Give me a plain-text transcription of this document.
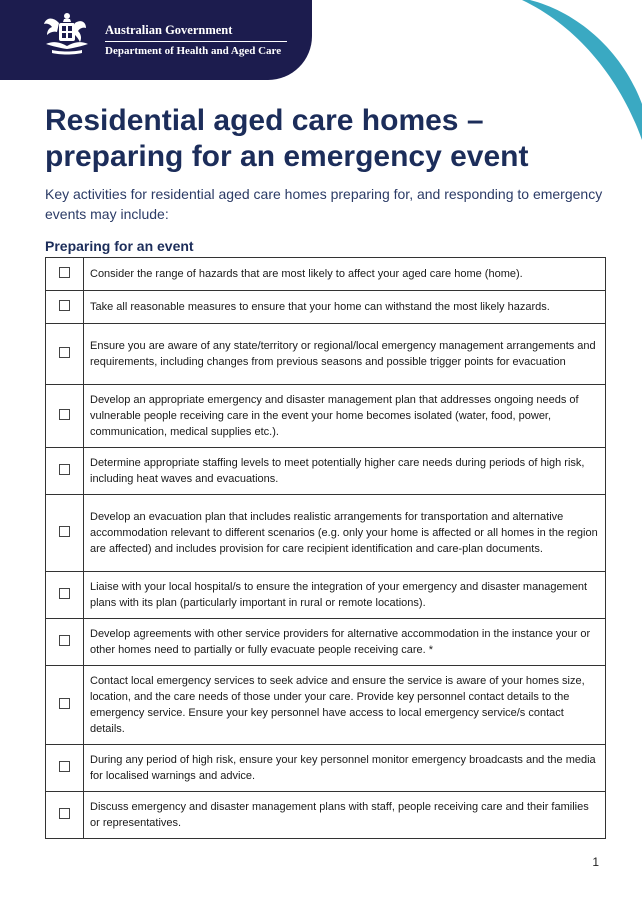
Australian Government
Department of Health and Aged Care
Residential aged care homes –
preparing for an emergency event

Key activities for residential aged care homes preparing for, and responding to emergency events may include:

Preparing for an event
	Consider the range of hazards that are most likely to affect your aged care home (home).
	Take all reasonable measures to ensure that your home can withstand the most likely hazards.
	Ensure you are aware of any state/territory or regional/local emergency management arrangements and requirements, including changes from previous seasons and possible trigger points for evacuation
	Develop an appropriate emergency and disaster management plan that addresses ongoing needs of vulnerable people receiving care in the event your home becomes isolated (water, food, power, communication, medical supplies etc.).
	Determine appropriate staffing levels to meet potentially higher care needs during periods of high risk, including heat waves and evacuations.
	Develop an evacuation plan that includes realistic arrangements for transportation and alternative accommodation relevant to different scenarios (e.g. only your home is affected or all homes in the region are affected) and includes provision for care recipient identification and care-plan documents.
	Liaise with your local hospital/s to ensure the integration of your emergency and disaster management plans with its plan (particularly important in rural or remote locations).
	Develop agreements with other service providers for alternative accommodation in the instance your or other homes need to partially or fully evacuate people receiving care. *
	Contact local emergency services to seek advice and ensure the service is aware of your homes size, location, and the care needs of those under your care. Provide key personnel contact details to the emergency service. Ensure your key personnel have access to local emergency service/s contact details.
	During any period of high risk, ensure your key personnel monitor emergency broadcasts and the media for localised warnings and advice.
	Discuss emergency and disaster management plans with staff, people receiving care and their families or representatives.
1
